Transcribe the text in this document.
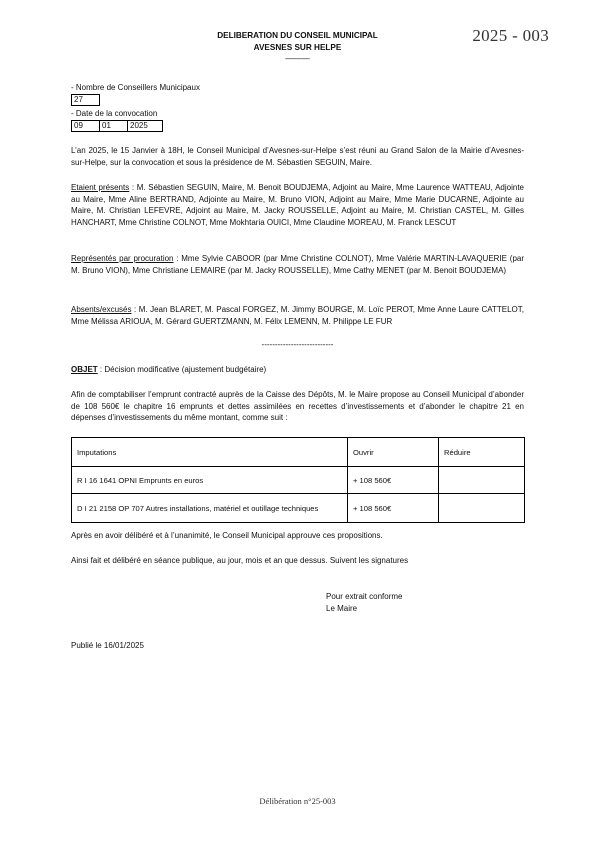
2025 - 003
DELIBERATION DU CONSEIL MUNICIPAL
AVESNES SUR HELPE
———
- Nombre de Conseillers Municipaux
27
- Date de la convocation
09	01	2025
L’an 2025, le 15 Janvier à 18H, le Conseil Municipal d’Avesnes-sur-Helpe s’est réuni au Grand Salon de la Mairie d’Avesnes-sur-Helpe, sur la convocation et sous la présidence de M. Sébastien SEGUIN, Maire.
Etaient présents : M. Sébastien SEGUIN, Maire, M. Benoit BOUDJEMA, Adjoint au Maire, Mme Laurence WATTEAU, Adjointe au Maire, Mme Aline BERTRAND, Adjointe au Maire, M. Bruno VION, Adjoint au Maire, Mme Marie DUCARNE, Adjointe au Maire, M. Christian LEFEVRE, Adjoint au Maire, M. Jacky ROUSSELLE, Adjoint au Maire, M. Christian CASTEL, M. Gilles HANCHART, Mme Christine COLNOT, Mme Mokhtaria OUICI, Mme Claudine MOREAU, M. Franck LESCUT
Représentés par procuration : Mme Sylvie CABOOR (par Mme Christine COLNOT), Mme Valérie MARTIN-LAVAQUERIE (par M. Bruno VION), Mme Christiane LEMAIRE (par M. Jacky ROUSSELLE), Mme Cathy MENET (par M. Benoit BOUDJEMA)
Absents/excusés : M. Jean BLARET, M. Pascal FORGEZ, M. Jimmy BOURGE, M. Loïc PEROT, Mme Anne Laure CATTELOT, Mme Mélissa ARIOUA, M. Gérard GUERTZMANN, M. Félix LEMENN, M. Philippe LE FUR
---------------------------
OBJET : Décision modificative (ajustement budgétaire)
Afin de comptabiliser l’emprunt contracté auprès de la Caisse des Dépôts, M. le Maire propose au Conseil Municipal d’abonder de 108 560€ le chapitre 16 emprunts et dettes assimilées en recettes d’investissements et d’abonder le chapitre 21 en dépenses d’investissements du même montant, comme suit :
Imputations	Ouvrir	Réduire
R I 16 1641 OPNI Emprunts en euros	+ 108 560€	
D I 21 2158 OP 707 Autres installations, matériel et outillage techniques	+ 108 560€	
Après en avoir délibéré et à l’unanimité, le Conseil Municipal approuve ces propositions.
Ainsi fait et délibéré en séance publique, au jour, mois et an que dessus. Suivent les signatures
Pour extrait conforme
Le Maire
Publié le 16/01/2025
Délibération n°25-003
